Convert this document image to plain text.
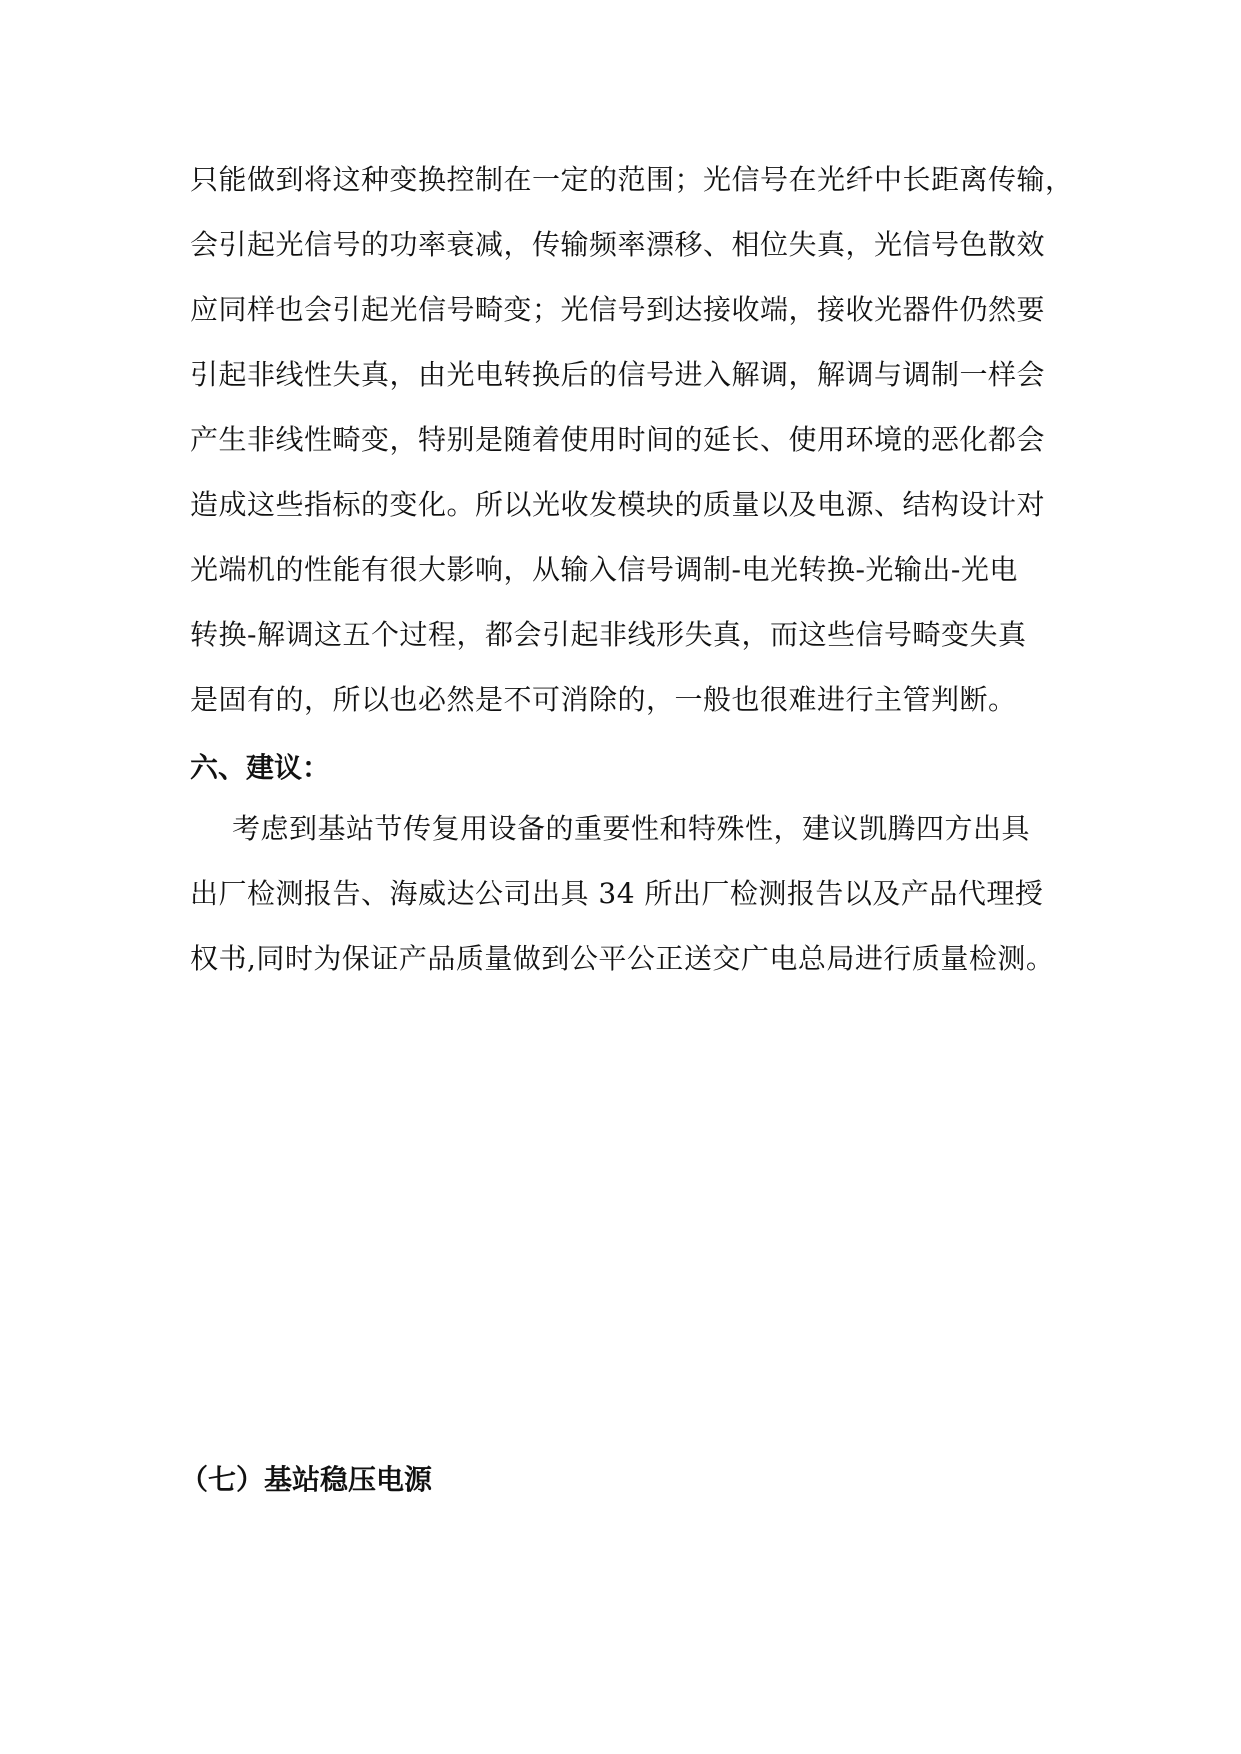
只能做到将这种变换控制在一定的范围；光信号在光纤中长距离传输，
会引起光信号的功率衰减，传输频率漂移、相位失真，光信号色散效
应同样也会引起光信号畸变；光信号到达接收端，接收光器件仍然要
引起非线性失真，由光电转换后的信号进入解调，解调与调制一样会
产生非线性畸变，特别是随着使用时间的延长、使用环境的恶化都会
造成这些指标的变化。所以光收发模块的质量以及电源、结构设计对
光端机的性能有很大影响，从输入信号调制-电光转换-光输出-光电
转换-解调这五个过程，都会引起非线形失真，而这些信号畸变失真
是固有的，所以也必然是不可消除的，一般也很难进行主管判断。
六、建议：
考虑到基站节传复用设备的重要性和特殊性，建议凯腾四方出具
出厂检测报告、海威达公司出具 34 所出厂检测报告以及产品代理授
权书,同时为保证产品质量做到公平公正送交广电总局进行质量检测。
（七）基站稳压电源
